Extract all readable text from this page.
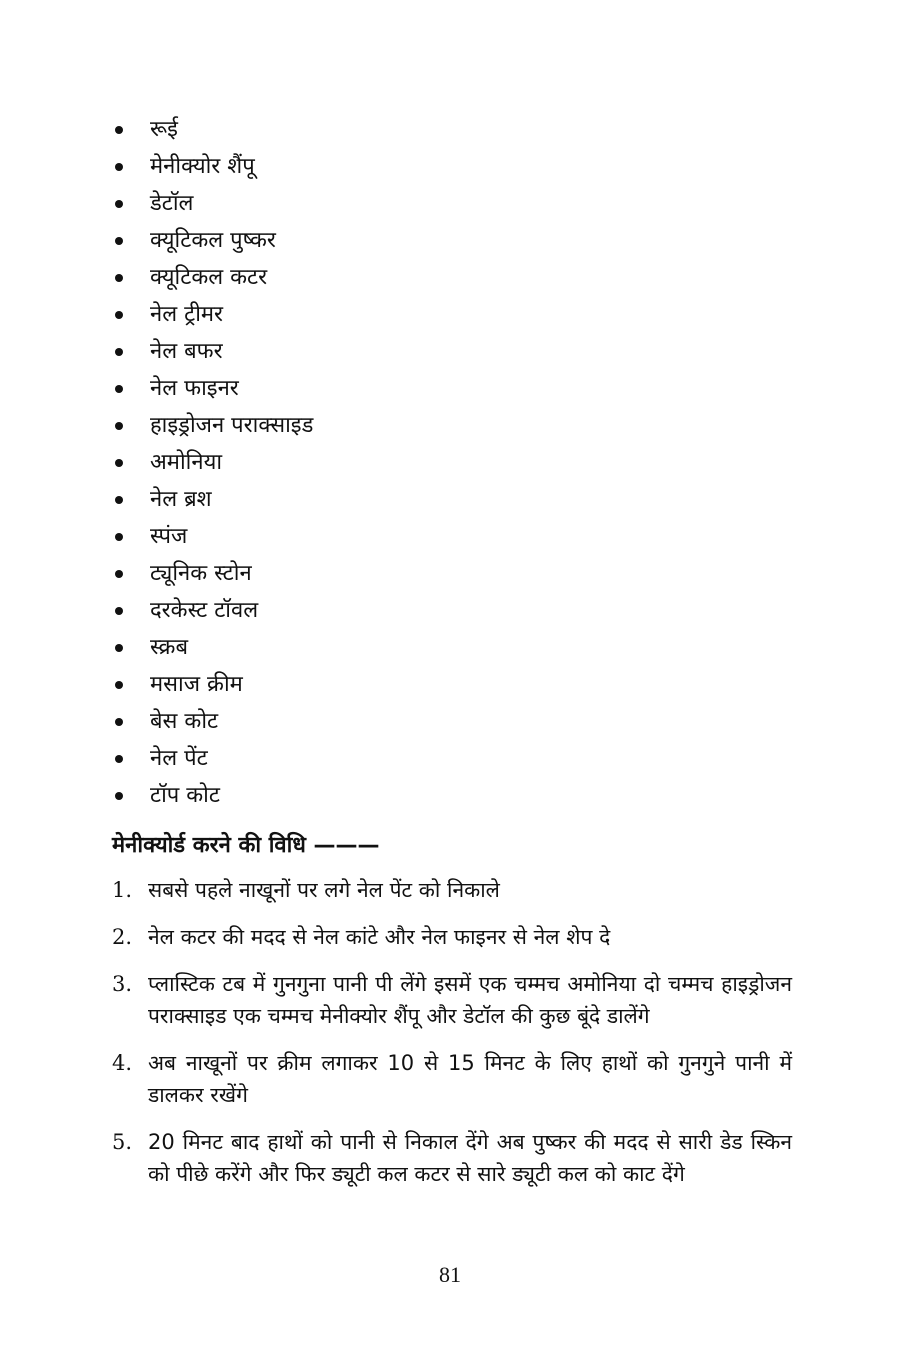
रूई
मेनीक्योर शैंपू
डेटॉल
क्यूटिकल पुष्कर
क्यूटिकल कटर
नेल ट्रीमर
नेल बफर
नेल फाइनर
हाइड्रोजन पराक्साइड
अमोनिया
नेल ब्रश
स्पंज
ट्यूनिक स्टोन
दरकेस्ट टॉवल
स्क्रब
मसाज क्रीम
बेस कोट
नेल पेंट
टॉप कोट
मेनीक्योर्ड करने की विधि ———
1. सबसे पहले नाखूनों पर लगे नेल पेंट को निकाले
2. नेल कटर की मदद से नेल कांटे और नेल फाइनर से नेल शेप दे
3. प्लास्टिक टब में गुनगुना पानी पी लेंगे इसमें एक चम्मच अमोनिया दो चम्मच हाइड्रोजन पराक्साइड एक चम्मच मेनीक्योर शैंपू और डेटॉल की कुछ बूंदे डालेंगे
4. अब नाखूनों पर क्रीम लगाकर 10 से 15 मिनट के लिए हाथों को गुनगुने पानी में डालकर रखेंगे
5. 20 मिनट बाद हाथों को पानी से निकाल देंगे अब पुष्कर की मदद से सारी डेड स्किन को पीछे करेंगे और फिर ड्यूटी कल कटर से सारे ड्यूटी कल को काट देंगे
81
